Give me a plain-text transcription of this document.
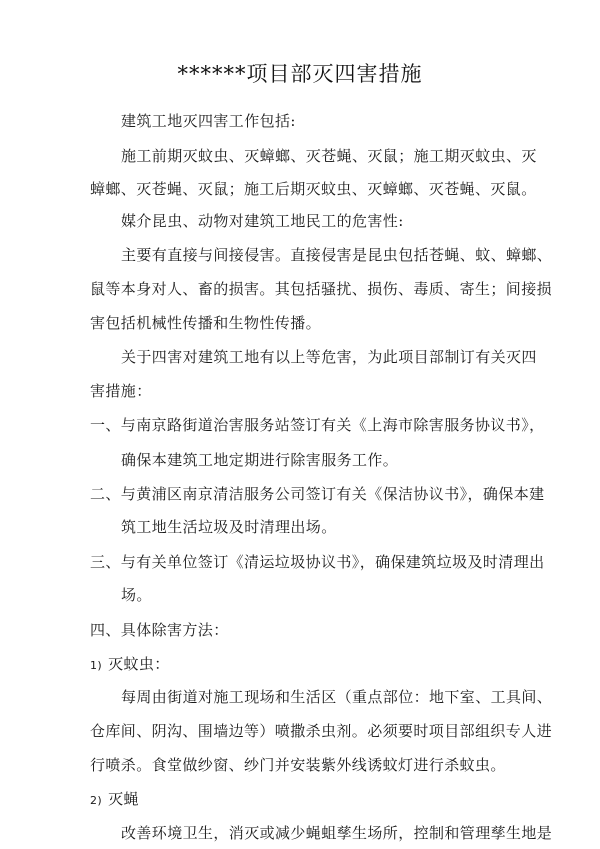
******项目部灭四害措施
建筑工地灭四害工作包括:
施工前期灭蚊虫、灭蟑螂、灭苍蝇、灭鼠；施工期灭蚊虫、灭
蟑螂、灭苍蝇、灭鼠；施工后期灭蚊虫、灭蟑螂、灭苍蝇、灭鼠。
媒介昆虫、动物对建筑工地民工的危害性:
主要有直接与间接侵害。直接侵害是昆虫包括苍蝇、蚊、蟑螂、
鼠等本身对人、畜的损害。其包括骚扰、损伤、毒质、寄生；间接损
害包括机械性传播和生物性传播。
关于四害对建筑工地有以上等危害，为此项目部制订有关灭四
害措施：
一、与南京路街道治害服务站签订有关《上海市除害服务协议书》，
确保本建筑工地定期进行除害服务工作。
二、与黄浦区南京清洁服务公司签订有关《保洁协议书》，确保本建
筑工地生活垃圾及时清理出场。
三、与有关单位签订《清运垃圾协议书》，确保建筑垃圾及时清理出
场。
四、具体除害方法：
1) 灭蚊虫：
每周由街道对施工现场和生活区（重点部位：地下室、工具间、
仓库间、阴沟、围墙边等）喷撒杀虫剂。必须要时项目部组织专人进
行喷杀。食堂做纱窗、纱门并安装紫外线诱蚊灯进行杀蚊虫。
2) 灭蝇
改善环境卫生，消灭或减少蝇蛆孳生场所，控制和管理孳生地是
